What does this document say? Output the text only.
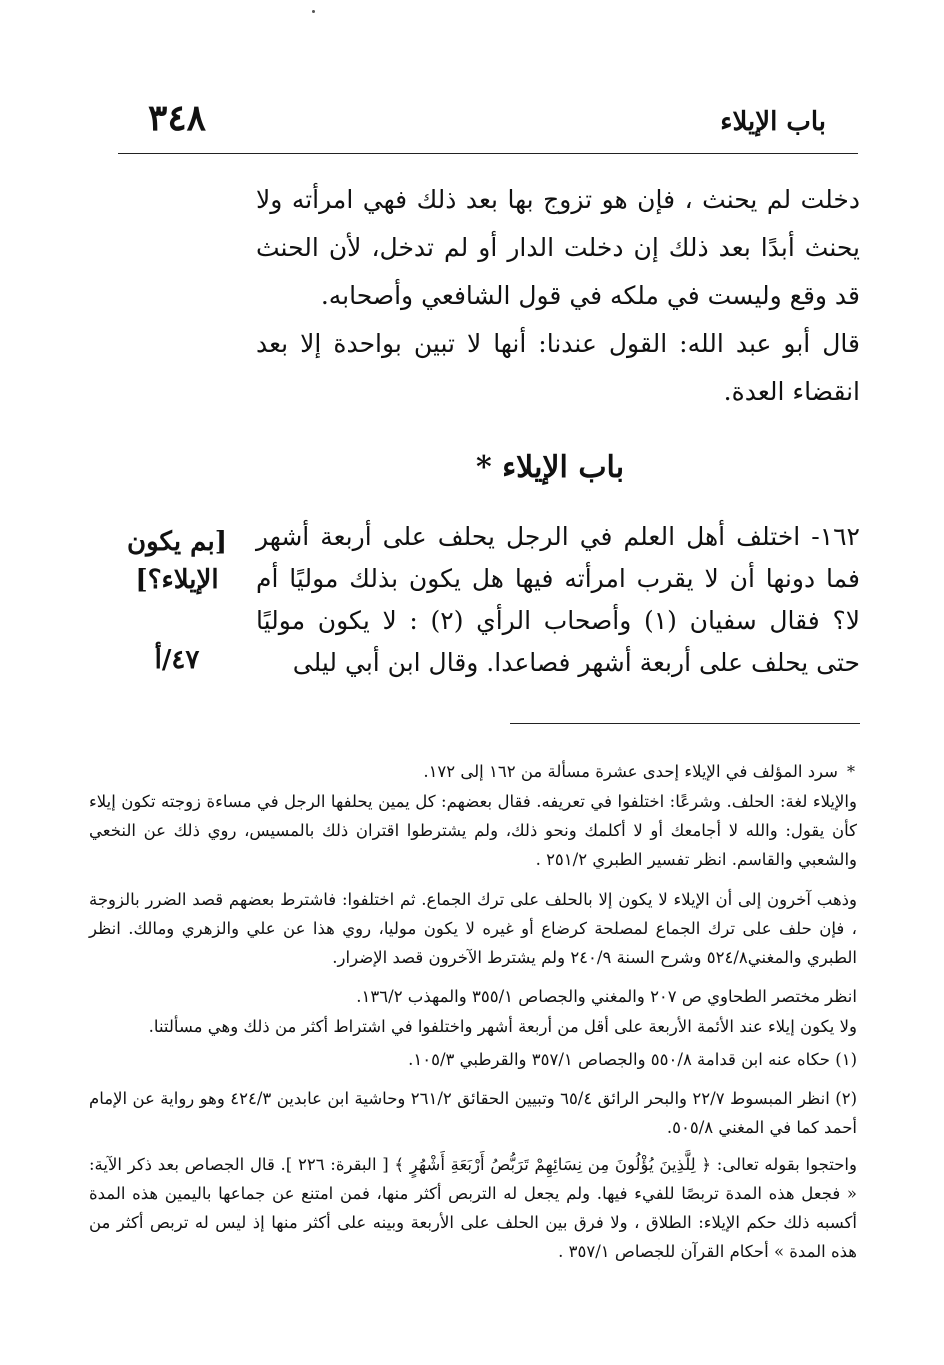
٣٤٨	باب الإيلاء
دخلت لم يحنث ، فإن هو تزوج بها بعد ذلك فهي امرأته ولا يحنث أبدًا بعد ذلك إن دخلت الدار أو لم تدخل، لأن الحنث قد وقع وليست في ملكه في قول الشافعي وأصحابه.
قال أبو عبد الله: القول عندنا: أنها لا تبين بواحدة إلا بعد انقضاء العدة.
باب الإيلاء *
١٦٢- اختلف أهل العلم في الرجل يحلف على أربعة أشهر فما دونها أن لا يقرب امرأته فيها هل يكون بذلك موليًا أم لا؟ فقال سفيان (١) وأصحاب الرأي (٢) : لا يكون موليًا حتى يحلف على أربعة أشهر فصاعدا. وقال ابن أبي ليلى
[بم يكون
الإيلاء؟]
٤٧/أ
*
سرد المؤلف في الإيلاء إحدى عشرة مسألة من ١٦٢ إلى ١٧٢.
والإيلاء لغة: الحلف. وشرعًا: اختلفوا في تعريفه. فقال بعضهم: كل يمين يحلفها الرجل في مساءة زوجته تكون إيلاء كأن يقول: والله لا أجامعك أو لا أكلمك ونحو ذلك، ولم يشترطوا اقتران ذلك بالمسيس، روي ذلك عن النخعي والشعبي والقاسم. انظر تفسير الطبري ٢٥١/٢ .
وذهب آخرون إلى أن الإيلاء لا يكون إلا بالحلف على ترك الجماع. ثم اختلفوا: فاشترط بعضهم قصد الضرر بالزوجة ، فإن حلف على ترك الجماع لمصلحة كرضاع أو غيره لا يكون موليا، روي هذا عن علي والزهري ومالك. انظر الطبري والمغني٥٢٤/٨ وشرح السنة ٢٤٠/٩ ولم يشترط الآخرون قصد الإضرار.
انظر مختصر الطحاوي ص ٢٠٧ والمغني والجصاص ٣٥٥/١ والمهذب ١٣٦/٢.
ولا يكون إيلاء عند الأئمة الأربعة على أقل من أربعة أشهر واختلفوا في اشتراط أكثر من ذلك وهي مسألتنا.
(١) حكاه عنه ابن قدامة ٥٥٠/٨ والجصاص ٣٥٧/١ والقرطبي ١٠٥/٣.
(٢) انظر المبسوط ٢٢/٧ والبحر الرائق ٦٥/٤ وتبيين الحقائق ٢٦١/٢ وحاشية ابن عابدين ٤٢٤/٣ وهو رواية عن الإمام أحمد كما في المغني ٥٠٥/٨.
واحتجوا بقوله تعالى: ﴿ لِلَّذِينَ يُؤْلُونَ مِن نِسَائِهِمْ تَرَبُّصُ أَرْبَعَةِ أَشْهُرٍ ﴾ [ البقرة: ٢٢٦ ]. قال الجصاص بعد ذكر الآية: « فجعل هذه المدة تربصًا للفيء فيها. ولم يجعل له التربص أكثر منها، فمن امتنع عن جماعها باليمين هذه المدة أكسبه ذلك حكم الإيلاء: الطلاق ، ولا فرق بين الحلف على الأربعة وبينه على أكثر منها إذ ليس له تربص أكثر من هذه المدة » أحكام القرآن للجصاص ٣٥٧/١ .
